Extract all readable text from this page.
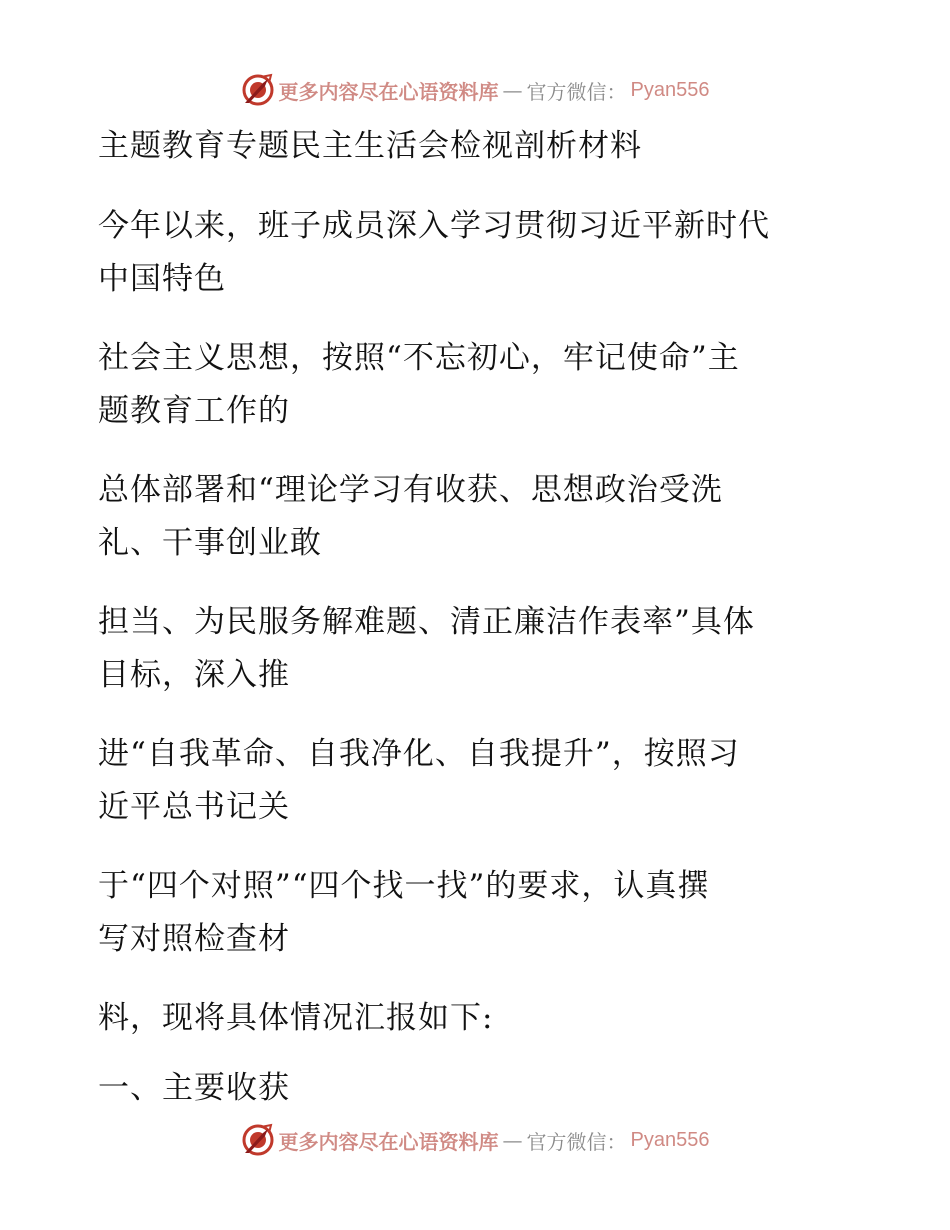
更多内容尽在心语资料库 — 官方微信： Pyan556
主题教育专题民主生活会检视剖析材料
今年以来，班子成员深入学习贯彻习近平新时代
中国特色
社会主义思想，按照“不忘初心，牢记使命”主
题教育工作的
总体部署和“理论学习有收获、思想政治受洗
礼、干事创业敢
担当、为民服务解难题、清正廉洁作表率”具体
目标，深入推
进“自我革命、自我净化、自我提升”，按照习
近平总书记关
于“四个对照”“四个找一找”的要求，认真撰
写对照检查材
料，现将具体情况汇报如下:
一、主要收获
更多内容尽在心语资料库 — 官方微信： Pyan556
